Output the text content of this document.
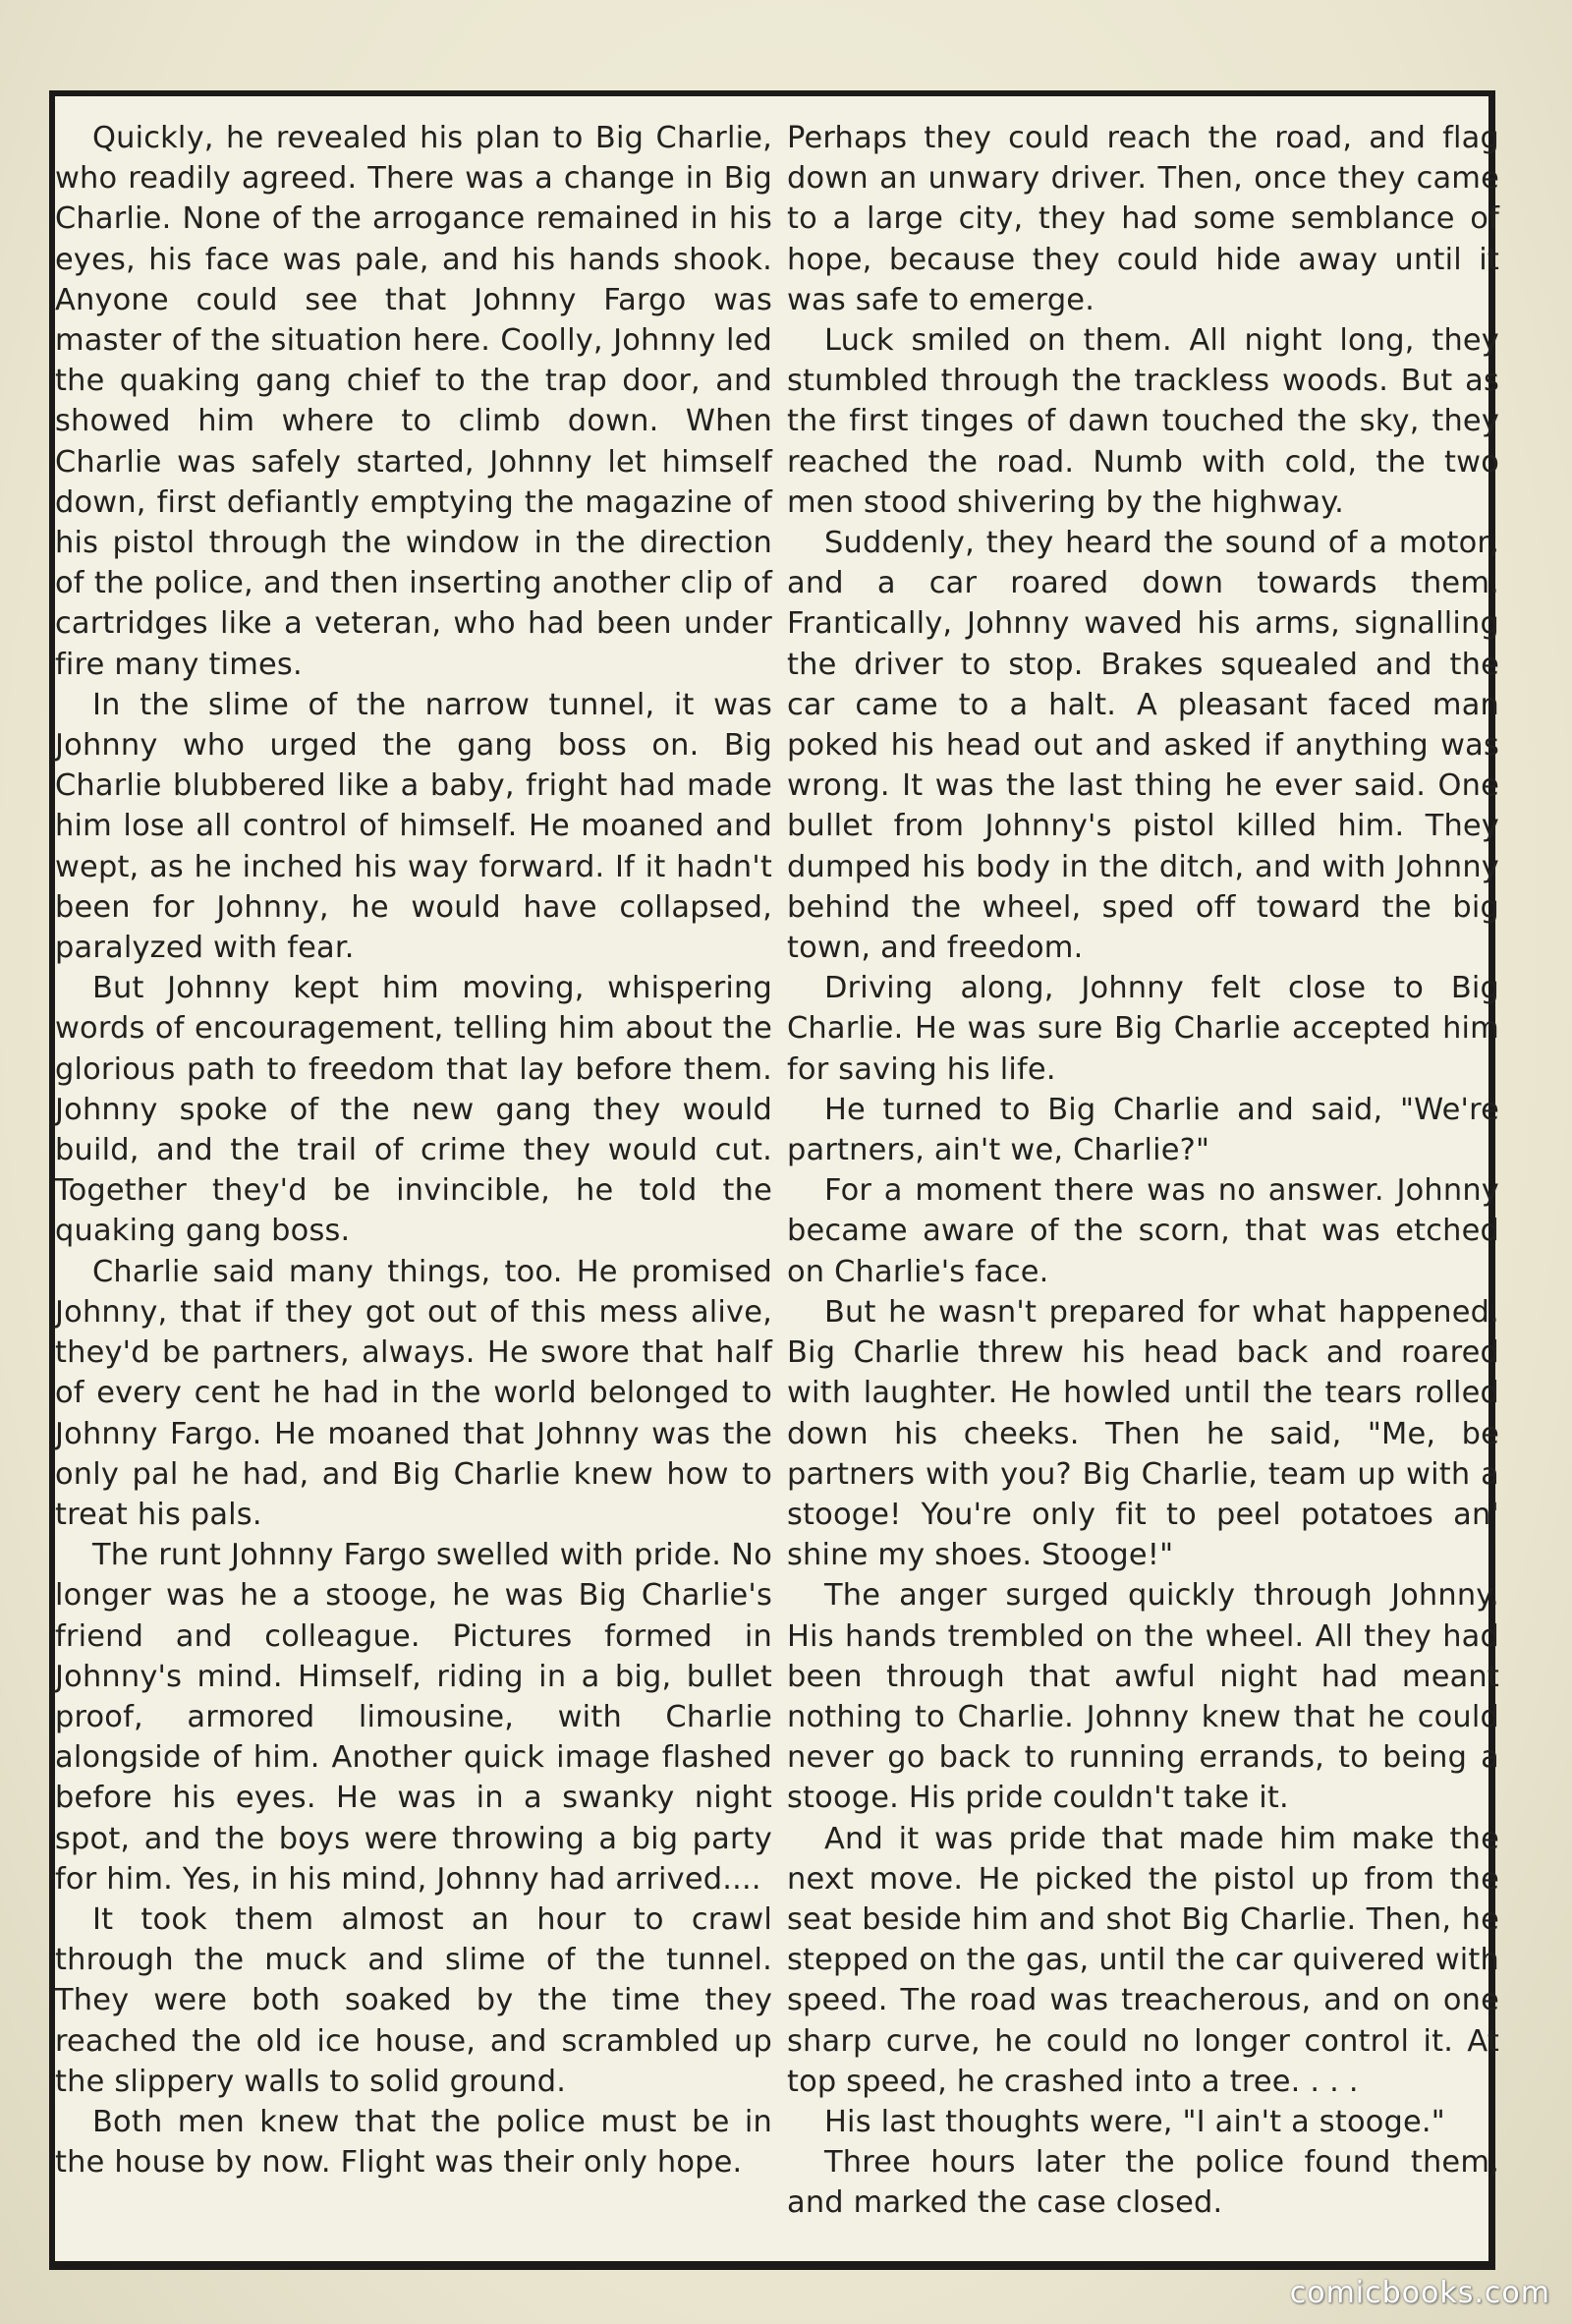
Quickly, he revealed his plan to Big Charlie, who readily agreed. There was a change in Big Charlie. None of the arrogance remained in his eyes, his face was pale, and his hands shook. Anyone could see that Johnny Fargo was master of the situation here. Coolly, Johnny led the quaking gang chief to the trap door, and showed him where to climb down. When Charlie was safely started, Johnny let himself down, first defiantly emptying the magazine of his pistol through the window in the direction of the police, and then inserting another clip of cartridges like a veteran, who had been under fire many times.

In the slime of the narrow tunnel, it was Johnny who urged the gang boss on. Big Charlie blubbered like a baby, fright had made him lose all control of himself. He moaned and wept, as he inched his way forward. If it hadn't been for Johnny, he would have collapsed, paralyzed with fear.

But Johnny kept him moving, whispering words of encouragement, telling him about the glorious path to freedom that lay before them. Johnny spoke of the new gang they would build, and the trail of crime they would cut. Together they'd be invincible, he told the quaking gang boss.

Charlie said many things, too. He promised Johnny, that if they got out of this mess alive, they'd be partners, always. He swore that half of every cent he had in the world belonged to Johnny Fargo. He moaned that Johnny was the only pal he had, and Big Charlie knew how to treat his pals.

The runt Johnny Fargo swelled with pride. No longer was he a stooge, he was Big Charlie's friend and colleague. Pictures formed in Johnny's mind. Himself, riding in a big, bullet proof, armored limousine, with Charlie alongside of him. Another quick image flashed before his eyes. He was in a swanky night spot, and the boys were throwing a big party for him. Yes, in his mind, Johnny had arrived....

It took them almost an hour to crawl through the muck and slime of the tunnel. They were both soaked by the time they reached the old ice house, and scrambled up the slippery walls to solid ground.

Both men knew that the police must be in the house by now. Flight was their only hope.

Perhaps they could reach the road, and flag down an unwary driver. Then, once they came to a large city, they had some semblance of hope, because they could hide away until it was safe to emerge.

Luck smiled on them. All night long, they stumbled through the trackless woods. But as the first tinges of dawn touched the sky, they reached the road. Numb with cold, the two men stood shivering by the highway.

Suddenly, they heard the sound of a motor, and a car roared down towards them. Frantically, Johnny waved his arms, signalling the driver to stop. Brakes squealed and the car came to a halt. A pleasant faced man poked his head out and asked if anything was wrong. It was the last thing he ever said. One bullet from Johnny's pistol killed him. They dumped his body in the ditch, and with Johnny behind the wheel, sped off toward the big town, and freedom.

Driving along, Johnny felt close to Big Charlie. He was sure Big Charlie accepted him for saving his life.

He turned to Big Charlie and said, "We're partners, ain't we, Charlie?"

For a moment there was no answer. Johnny became aware of the scorn, that was etched on Charlie's face.

But he wasn't prepared for what happened. Big Charlie threw his head back and roared with laughter. He howled until the tears rolled down his cheeks. Then he said, "Me, be partners with you? Big Charlie, team up with a stooge! You're only fit to peel potatoes an' shine my shoes. Stooge!"

The anger surged quickly through Johnny. His hands trembled on the wheel. All they had been through that awful night had meant nothing to Charlie. Johnny knew that he could never go back to running errands, to being a stooge. His pride couldn't take it.

And it was pride that made him make the next move. He picked the pistol up from the seat beside him and shot Big Charlie. Then, he stepped on the gas, until the car quivered with speed. The road was treacherous, and on one sharp curve, he could no longer control it. At top speed, he crashed into a tree. . . .

His last thoughts were, "I ain't a stooge."

Three hours later the police found them, and marked the case closed.

comicbooks.com
